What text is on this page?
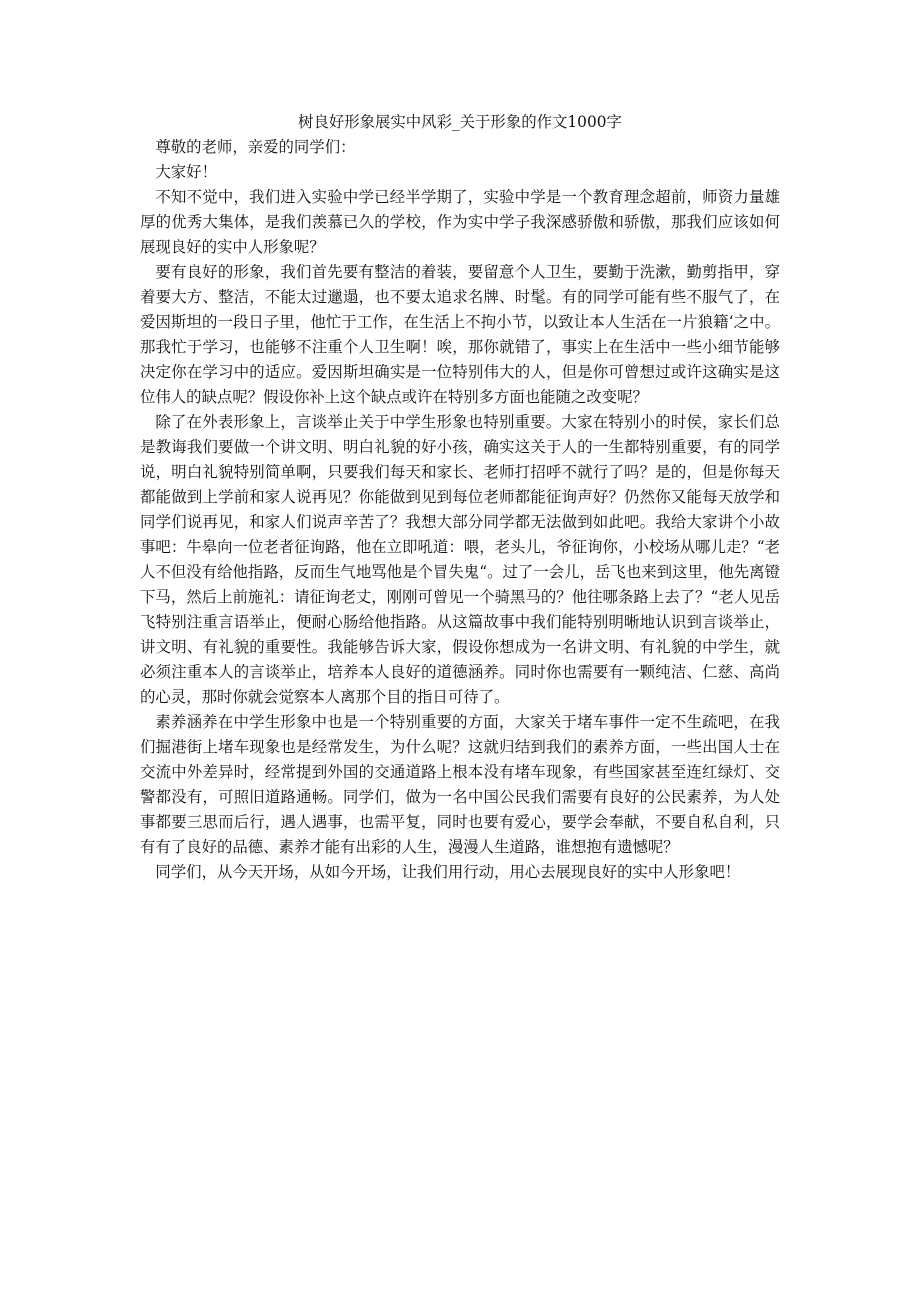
树良好形象展实中风彩_关于形象的作文1000字

尊敬的老师，亲爱的同学们：

大家好！

不知不觉中，我们进入实验中学已经半学期了，实验中学是一个教育理念超前，师资力量雄厚的优秀大集体，是我们羡慕已久的学校，作为实中学子我深感骄傲和骄傲，那我们应该如何展现良好的实中人形象呢？

要有良好的形象，我们首先要有整洁的着装，要留意个人卫生，要勤于洗漱，勤剪指甲，穿着要大方、整洁，不能太过邋遢，也不要太追求名牌、时髦。有的同学可能有些不服气了，在爱因斯坦的一段日子里，他忙于工作，在生活上不拘小节，以致让本人生活在一片狼籍‘之中。那我忙于学习，也能够不注重个人卫生啊！唉，那你就错了，事实上在生活中一些小细节能够决定你在学习中的适应。爱因斯坦确实是一位特别伟大的人，但是你可曾想过或许这确实是这位伟人的缺点呢？假设你补上这个缺点或许在特别多方面也能随之改变呢？

除了在外表形象上，言谈举止关于中学生形象也特别重要。大家在特别小的时侯，家长们总是教诲我们要做一个讲文明、明白礼貌的好小孩，确实这关于人的一生都特别重要，有的同学说，明白礼貌特别简单啊，只要我们每天和家长、老师打招呼不就行了吗？是的，但是你每天都能做到上学前和家人说再见？你能做到见到每位老师都能征询声好？仍然你又能每天放学和同学们说再见，和家人们说声辛苦了？我想大部分同学都无法做到如此吧。我给大家讲个小故事吧：牛皋向一位老者征询路，他在立即吼道：喂，老头儿，爷征询你，小校场从哪儿走？“老人不但没有给他指路，反而生气地骂他是个冒失鬼“。过了一会儿，岳飞也来到这里，他先离镫下马，然后上前施礼：请征询老丈，刚刚可曾见一个骑黑马的？他往哪条路上去了？“老人见岳飞特别注重言语举止，便耐心肠给他指路。从这篇故事中我们能特别明晰地认识到言谈举止，讲文明、有礼貌的重要性。我能够告诉大家，假设你想成为一名讲文明、有礼貌的中学生，就必须注重本人的言谈举止，培养本人良好的道德涵养。同时你也需要有一颗纯洁、仁慈、高尚的心灵，那时你就会觉察本人离那个目的指日可待了。

素养涵养在中学生形象中也是一个特别重要的方面，大家关于堵车事件一定不生疏吧，在我们掘港街上堵车现象也是经常发生，为什么呢？这就归结到我们的素养方面，一些出国人士在交流中外差异时，经常提到外国的交通道路上根本没有堵车现象，有些国家甚至连红绿灯、交警都没有，可照旧道路通畅。同学们，做为一名中国公民我们需要有良好的公民素养，为人处事都要三思而后行，遇人遇事，也需平复，同时也要有爱心，要学会奉献，不要自私自利，只有有了良好的品德、素养才能有出彩的人生，漫漫人生道路，谁想抱有遗憾呢？

同学们，从今天开场，从如今开场，让我们用行动，用心去展现良好的实中人形象吧！
